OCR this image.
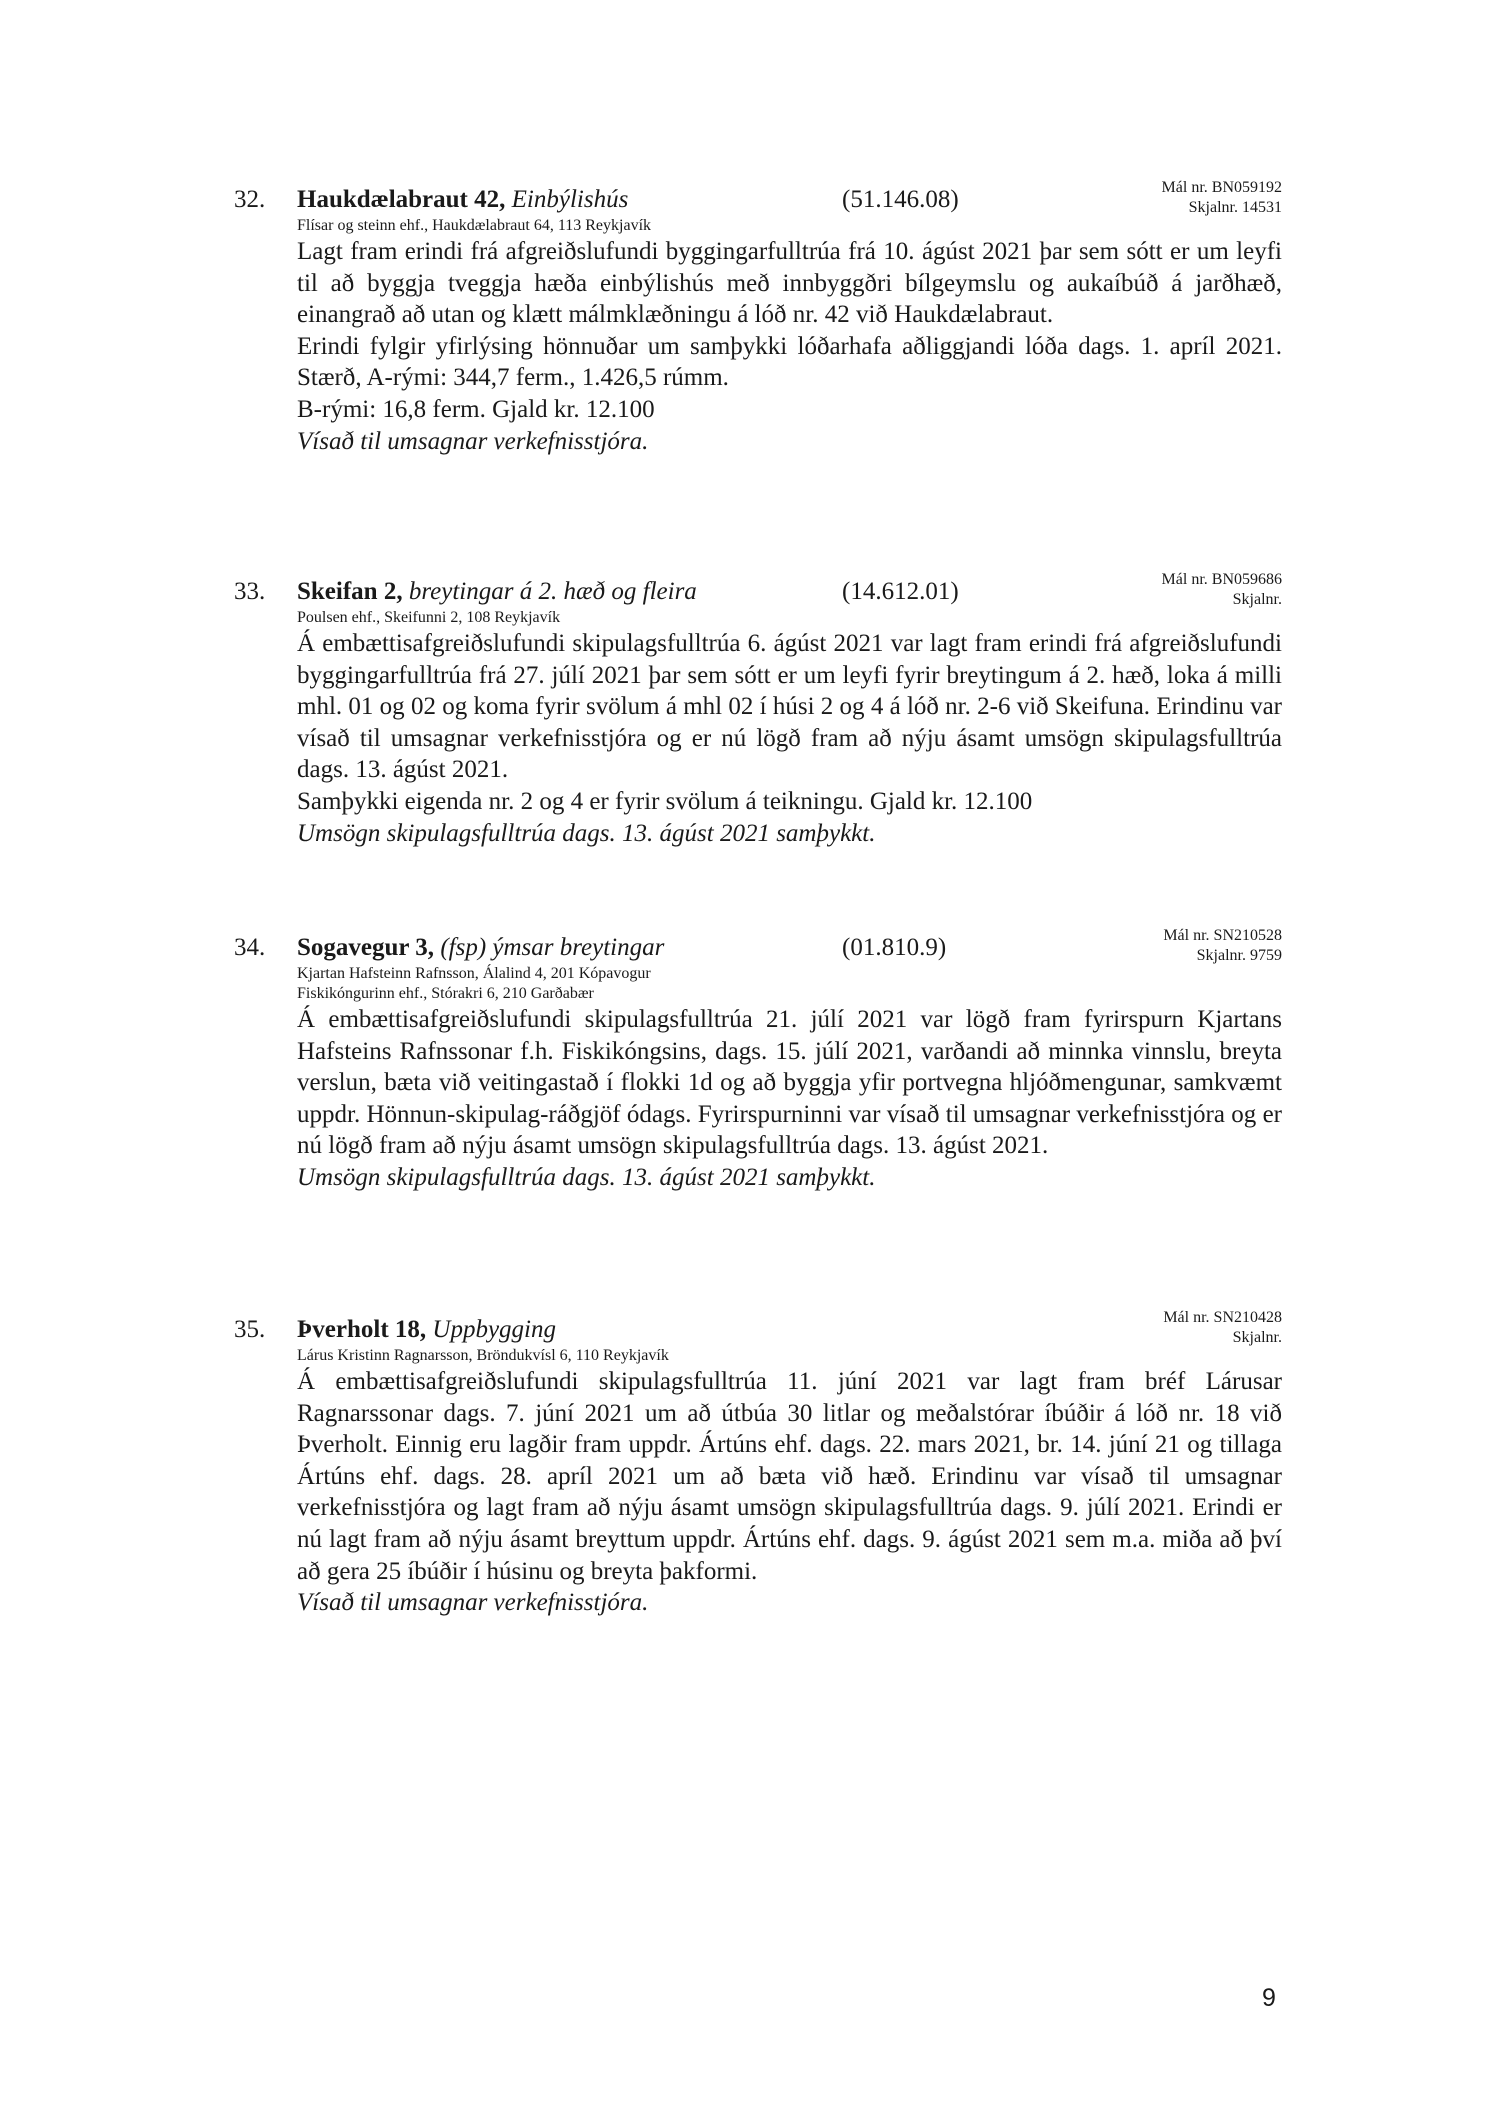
32. Haukdælabraut 42, Einbýlishús	(51.146.08)	Mál nr. BN059192
Skjalnr. 14531
Flísar og steinn ehf., Haukdælabraut 64, 113 Reykjavík

Lagt fram erindi frá afgreiðslufundi byggingarfulltrúa frá 10. ágúst 2021 þar sem sótt er um leyfi til að byggja tveggja hæða einbýlishús með innbyggðri bílgeymslu og aukaíbúð á jarðhæð, einangrað að utan og klætt málmklæðningu á lóð nr. 42 við Haukdælabraut.

Erindi fylgir yfirlýsing hönnuðar um samþykki lóðarhafa aðliggjandi lóða dags. 1. apríl 2021. Stærð, A-rými: 344,7 ferm., 1.426,5 rúmm.

B-rými: 16,8 ferm. Gjald kr. 12.100

Vísað til umsagnar verkefnisstjóra.

33. Skeifan 2, breytingar á 2. hæð og fleira	(14.612.01)	Mál nr. BN059686
Skjalnr.
Poulsen ehf., Skeifunni 2, 108 Reykjavík

Á embættisafgreiðslufundi skipulagsfulltrúa 6. ágúst 2021 var lagt fram erindi frá afgreiðslufundi byggingarfulltrúa frá 27. júlí 2021 þar sem sótt er um leyfi fyrir breytingum á 2. hæð, loka á milli mhl. 01 og 02 og koma fyrir svölum á mhl 02 í húsi 2 og 4 á lóð nr. 2-6 við Skeifuna. Erindinu var vísað til umsagnar verkefnisstjóra og er nú lögð fram að nýju ásamt umsögn skipulagsfulltrúa dags. 13. ágúst 2021.

Samþykki eigenda nr. 2 og 4 er fyrir svölum á teikningu. Gjald kr. 12.100

Umsögn skipulagsfulltrúa dags. 13. ágúst 2021 samþykkt.

34. Sogavegur 3, (fsp) ýmsar breytingar	(01.810.9)	Mál nr. SN210528
Skjalnr. 9759
Kjartan Hafsteinn Rafnsson, Álalind 4, 201 Kópavogur
Fiskikóngurinn ehf., Stórakri 6, 210 Garðabær

Á embættisafgreiðslufundi skipulagsfulltrúa 21. júlí 2021 var lögð fram fyrirspurn Kjartans Hafsteins Rafnssonar f.h. Fiskikóngsins, dags. 15. júlí 2021, varðandi að minnka vinnslu, breyta verslun, bæta við veitingastað í flokki 1d og að byggja yfir portvegna hljóðmengunar, samkvæmt uppdr. Hönnun-skipulag-ráðgjöf ódags. Fyrirspurninni var vísað til umsagnar verkefnisstjóra og er nú lögð fram að nýju ásamt umsögn skipulagsfulltrúa dags. 13. ágúst 2021.

Umsögn skipulagsfulltrúa dags. 13. ágúst 2021 samþykkt.

35. Þverholt 18, Uppbygging	Mál nr. SN210428
Skjalnr.
Lárus Kristinn Ragnarsson, Bröndukvísl 6, 110 Reykjavík

Á embættisafgreiðslufundi skipulagsfulltrúa 11. júní 2021 var lagt fram bréf Lárusar Ragnarssonar dags. 7. júní 2021 um að útbúa 30 litlar og meðalstórar íbúðir á lóð nr. 18 við Þverholt. Einnig eru lagðir fram uppdr. Ártúns ehf. dags. 22. mars 2021, br. 14. júní 21 og tillaga Ártúns ehf. dags. 28. apríl 2021 um að bæta við hæð. Erindinu var vísað til umsagnar verkefnisstjóra og lagt fram að nýju ásamt umsögn skipulagsfulltrúa dags. 9. júlí 2021. Erindi er nú lagt fram að nýju ásamt breyttum uppdr. Ártúns ehf. dags. 9. ágúst 2021 sem m.a. miða að því að gera 25 íbúðir í húsinu og breyta þakformi.

Vísað til umsagnar verkefnisstjóra.

9
